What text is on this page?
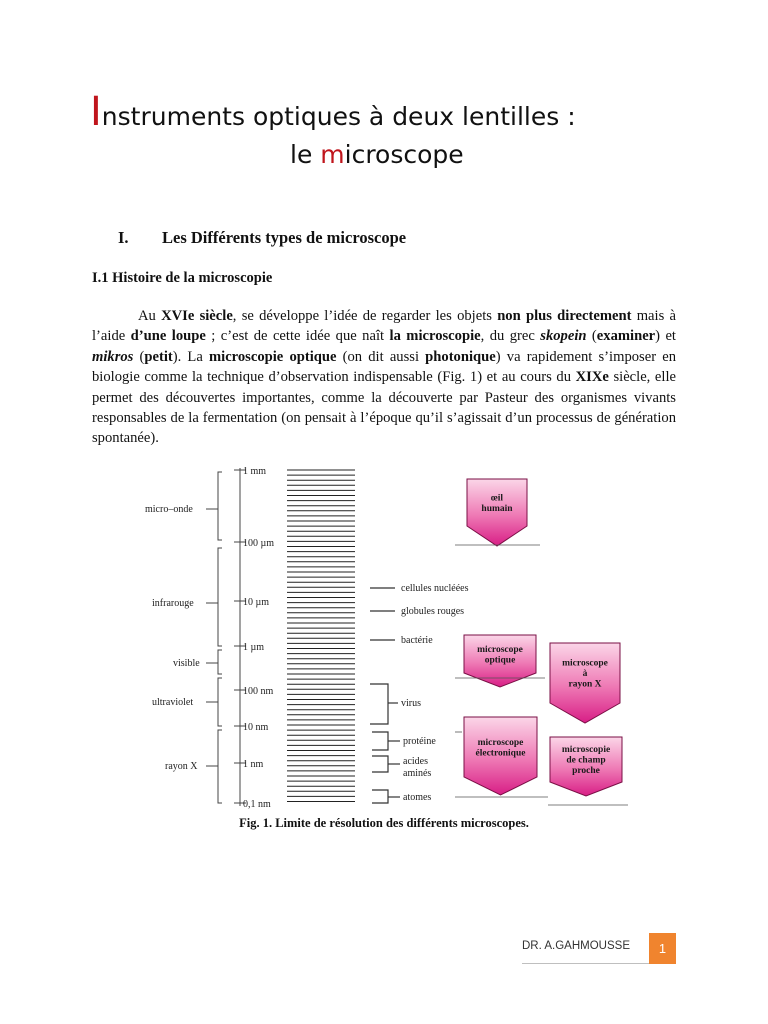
Instruments optiques à deux lentilles :
le microscope
I. Les Différents types de microscope
I.1 Histoire de la microscopie
Au XVIe siècle, se développe l’idée de regarder les objets non plus directement mais à l’aide d’une loupe ; c’est de cette idée que naît la microscopie, du grec skopein (examiner) et mikros (petit). La microscopie optique (on dit aussi photonique) va rapidement s’imposer en biologie comme la technique d’observation indispensable (Fig. 1) et au cours du XIXe siècle, elle permet des découvertes importantes, comme la découverte par Pasteur des organismes vivants responsables de la fermentation (on pensait à l’époque qu’il s’agissait d’un processus de génération spontanée).
1 mm
100 µm
10 µm
1 µm
100 nm
10 nm
1 nm
0,1 nm
micro–onde
infrarouge
visible
ultraviolet
rayon X
cellules nucléées
globules rouges
bactérie
virus
protéine
acides
aminés
atomes
œil
humain
microscope
optique	microscope
à
rayon X
microscope
électronique	microscopie
de champ
proche
Fig. 1. Limite de résolution des différents microscopes.
DR. A.GAHMOUSSE	1
